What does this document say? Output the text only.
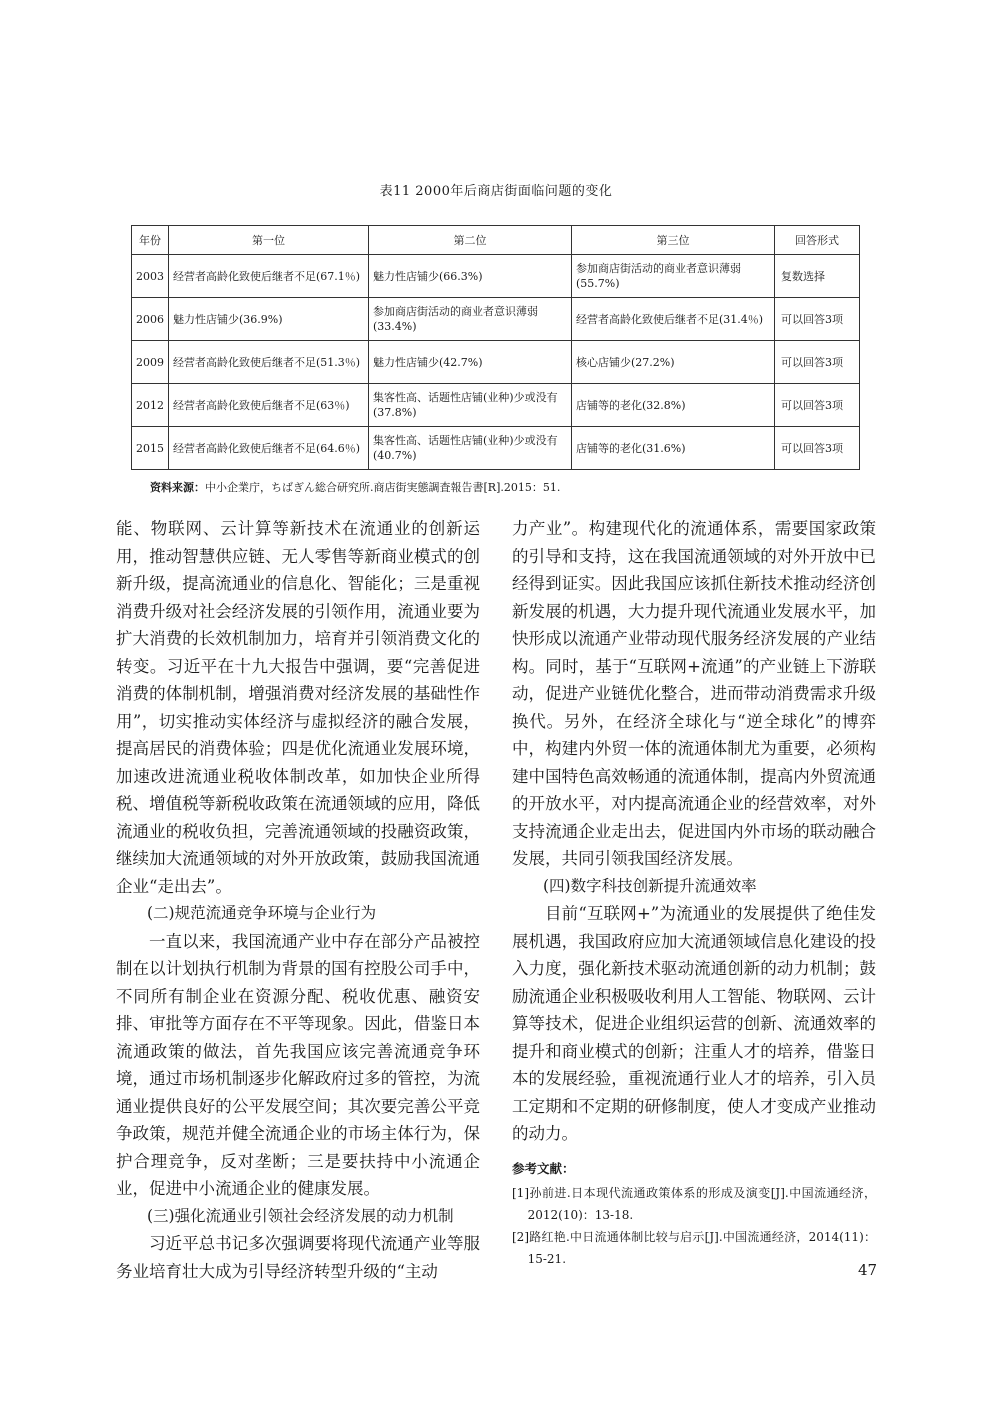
表11 2000年后商店街面临问题的变化
年份	第一位	第二位	第三位	回答形式
2003	经营者高龄化致使后继者不足(67.1％)	魅力性店铺少(66.3%)	参加商店街活动的商业者意识薄弱(55.7%)	复数选择
2006	魅力性店铺少(36.9%)	参加商店街活动的商业者意识薄弱(33.4%)	经营者高龄化致使后继者不足(31.4％)	可以回答3项
2009	经营者高龄化致使后继者不足(51.3％)	魅力性店铺少(42.7%)	核心店铺少(27.2%)	可以回答3项
2012	经营者高龄化致使后继者不足(63％)	集客性高、话题性店铺(业种)少或没有(37.8%)	店铺等的老化(32.8%)	可以回答3项
2015	经营者高龄化致使后继者不足(64.6％)	集客性高、话题性店铺(业种)少或没有(40.7%)	店铺等的老化(31.6%)	可以回答3项
资料来源：中小企業庁，ちばぎん総合研究所.商店街実態調査報告書[R].2015：51.

能、物联网、云计算等新技术在流通业的创新运用，推动智慧供应链、无人零售等新商业模式的创新升级，提高流通业的信息化、智能化；三是重视消费升级对社会经济发展的引领作用，流通业要为扩大消费的长效机制加力，培育并引领消费文化的转变。习近平在十九大报告中强调，要“完善促进消费的体制机制，增强消费对经济发展的基础性作用”，切实推动实体经济与虚拟经济的融合发展，提高居民的消费体验；四是优化流通业发展环境，加速改进流通业税收体制改革，如加快企业所得税、增值税等新税收政策在流通领域的应用，降低流通业的税收负担，完善流通领域的投融资政策，继续加大流通领域的对外开放政策，鼓励我国流通企业“走出去”。

(二)规范流通竞争环境与企业行为

一直以来，我国流通产业中存在部分产品被控制在以计划执行机制为背景的国有控股公司手中，不同所有制企业在资源分配、税收优惠、融资安排、审批等方面存在不平等现象。因此，借鉴日本流通政策的做法，首先我国应该完善流通竞争环境，通过市场机制逐步化解政府过多的管控，为流通业提供良好的公平发展空间；其次要完善公平竞争政策，规范并健全流通企业的市场主体行为，保护合理竞争，反对垄断；三是要扶持中小流通企业，促进中小流通企业的健康发展。

(三)强化流通业引领社会经济发展的动力机制

习近平总书记多次强调要将现代流通产业等服务业培育壮大成为引导经济转型升级的“主动

力产业”。构建现代化的流通体系，需要国家政策的引导和支持，这在我国流通领域的对外开放中已经得到证实。因此我国应该抓住新技术推动经济创新发展的机遇，大力提升现代流通业发展水平，加快形成以流通产业带动现代服务经济发展的产业结构。同时，基于“互联网+流通”的产业链上下游联动，促进产业链优化整合，进而带动消费需求升级换代。另外，在经济全球化与“逆全球化”的博弈中，构建内外贸一体的流通体制尤为重要，必须构建中国特色高效畅通的流通体制，提高内外贸流通的开放水平，对内提高流通企业的经营效率，对外支持流通企业走出去，促进国内外市场的联动融合发展，共同引领我国经济发展。

(四)数字科技创新提升流通效率

目前“互联网+”为流通业的发展提供了绝佳发展机遇，我国政府应加大流通领域信息化建设的投入力度，强化新技术驱动流通创新的动力机制；鼓励流通企业积极吸收利用人工智能、物联网、云计算等技术，促进企业组织运营的创新、流通效率的提升和商业模式的创新；注重人才的培养，借鉴日本的发展经验，重视流通行业人才的培养，引入员工定期和不定期的研修制度，使人才变成产业推动的动力。

参考文献：
[1]孙前进.日本现代流通政策体系的形成及演变[J].中国流通经济，2012(10)：13-18.
[2]路红艳.中日流通体制比较与启示[J].中国流通经济，2014(11)：15-21.
47
